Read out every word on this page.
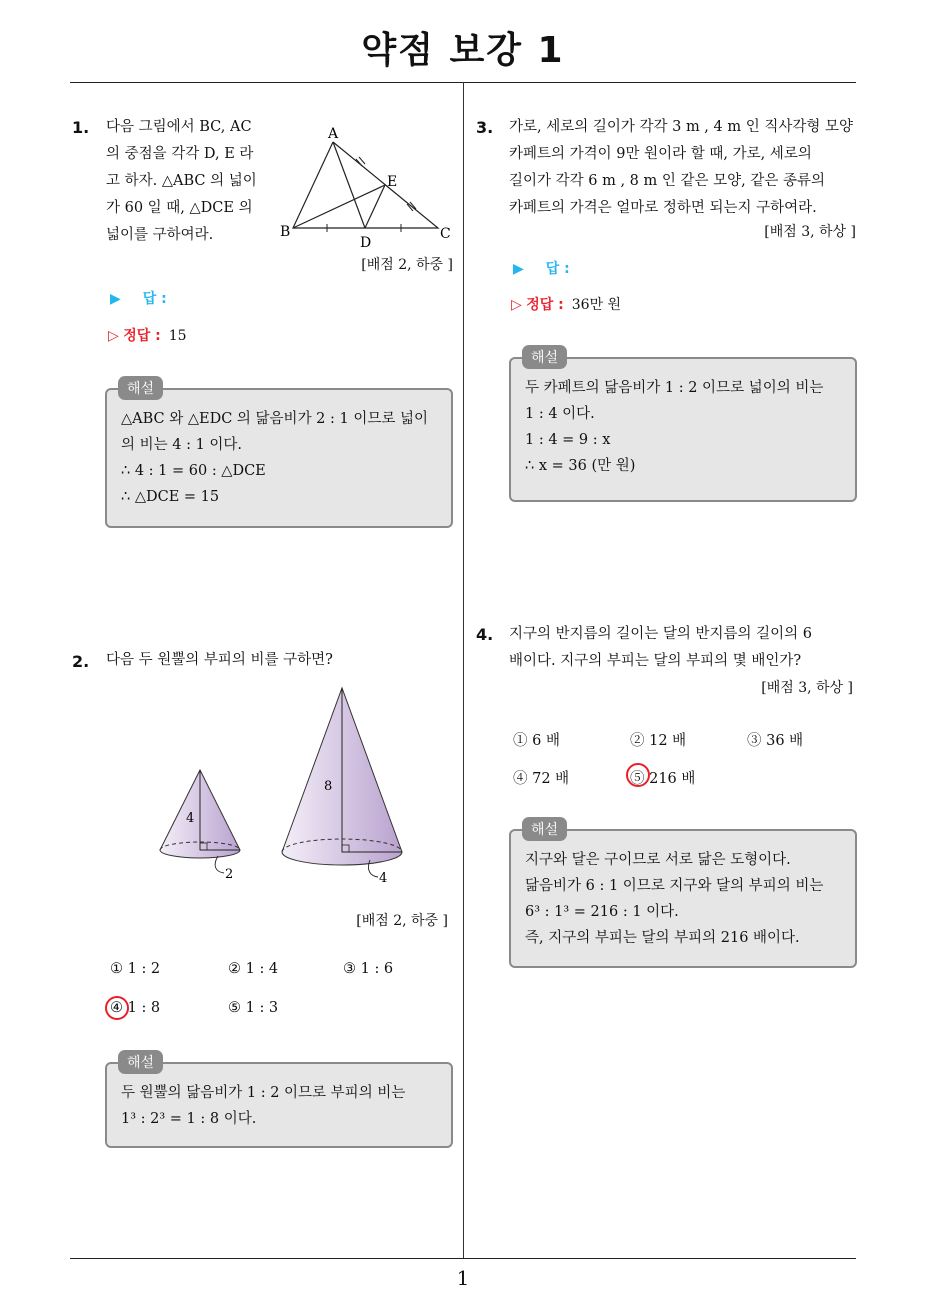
약점 보강 1
1
1. 다음 그림에서 BC, AC
의 중점을 각각 D, E 라
고 하자. △ABC 의 넓이
가 60 일 때, △DCE 의
넓이를 구하여라.
A
B	C
D
E
[배점 2, 하중 ]
▶ 답 :
▷ 정답 : 15
△ABC 와 △EDC 의 닮음비가 2 : 1 이므로 넓이
의 비는 4 : 1 이다.
∴ 4 : 1 = 60 : △DCE
∴ △DCE = 15
해설
2. 다음 두 원뿔의 부피의 비를 구하면?
4
2
8
4
[배점 2, 하중 ]
① 1 : 2	② 1 : 4	③ 1 : 6
④ 1 : 8	⑤ 1 : 3
두 원뿔의 닮음비가 1 : 2 이므로 부피의 비는
1³ : 2³ = 1 : 8 이다.
해설
3. 가로, 세로의 길이가 각각 3 m , 4 m 인 직사각형 모양
카페트의 가격이 9만 원이라 할 때, 가로, 세로의
길이가 각각 6 m , 8 m 인 같은 모양, 같은 종류의
카페트의 가격은 얼마로 정하면 되는지 구하여라.
[배점 3, 하상 ]
▶ 답 :
▷ 정답 : 36만 원
두 카페트의 닮음비가 1 : 2 이므로 넓이의 비는
1 : 4 이다.
1 : 4 = 9 : x
∴ x = 36 (만 원)
해설
4. 지구의 반지름의 길이는 달의 반지름의 길이의 6
배이다. 지구의 부피는 달의 부피의 몇 배인가?
[배점 3, 하상 ]
① 6 배	② 12 배	③ 36 배
④ 72 배	⑤ 216 배
지구와 달은 구이므로 서로 닮은 도형이다.
닮음비가 6 : 1 이므로 지구와 달의 부피의 비는
6³ : 1³ = 216 : 1 이다.
즉, 지구의 부피는 달의 부피의 216 배이다.
해설
